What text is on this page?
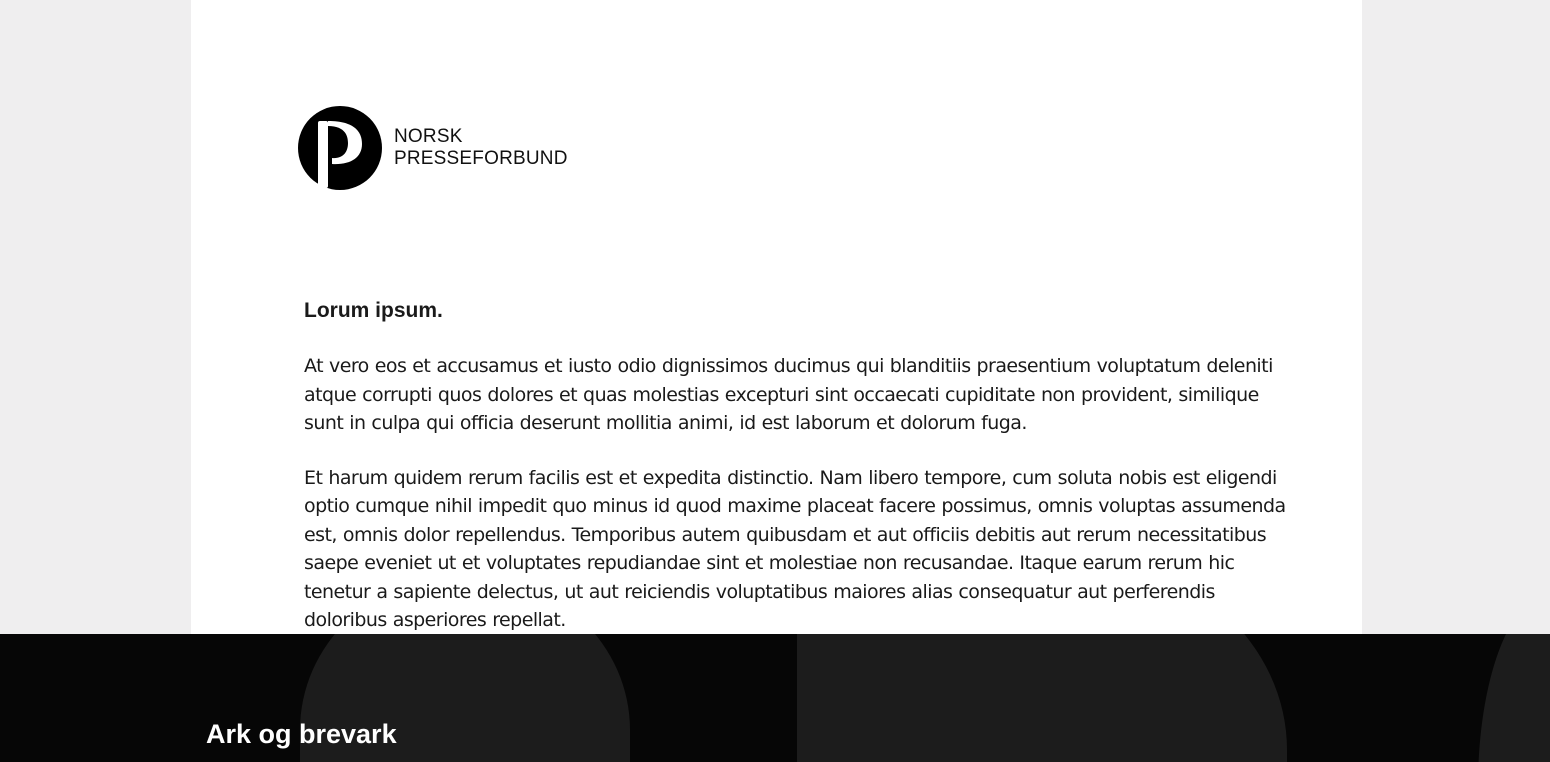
NORSK
PRESSEFORBUND
Lorum ipsum.

At vero eos et accusamus et iusto odio dignissimos ducimus qui blanditiis praesentium voluptatum deleniti atque corrupti quos dolores et quas molestias excepturi sint occaecati cupiditate non provident, similique sunt in culpa qui officia deserunt mollitia animi, id est laborum et dolorum fuga.

Et harum quidem rerum facilis est et expedita distinctio. Nam libero tempore, cum soluta nobis est eligendi optio cumque nihil impedit quo minus id quod maxime placeat facere possimus, omnis voluptas assumenda est, omnis dolor repellendus. Temporibus autem quibusdam et aut officiis debitis aut rerum necessitatibus saepe eveniet ut et voluptates repudiandae sint et molestiae non recusandae. Itaque earum rerum hic tenetur a sapiente delectus, ut aut reiciendis voluptatibus maiores alias consequatur aut perferendis doloribus asperiores repellat.

Ark og brevark
